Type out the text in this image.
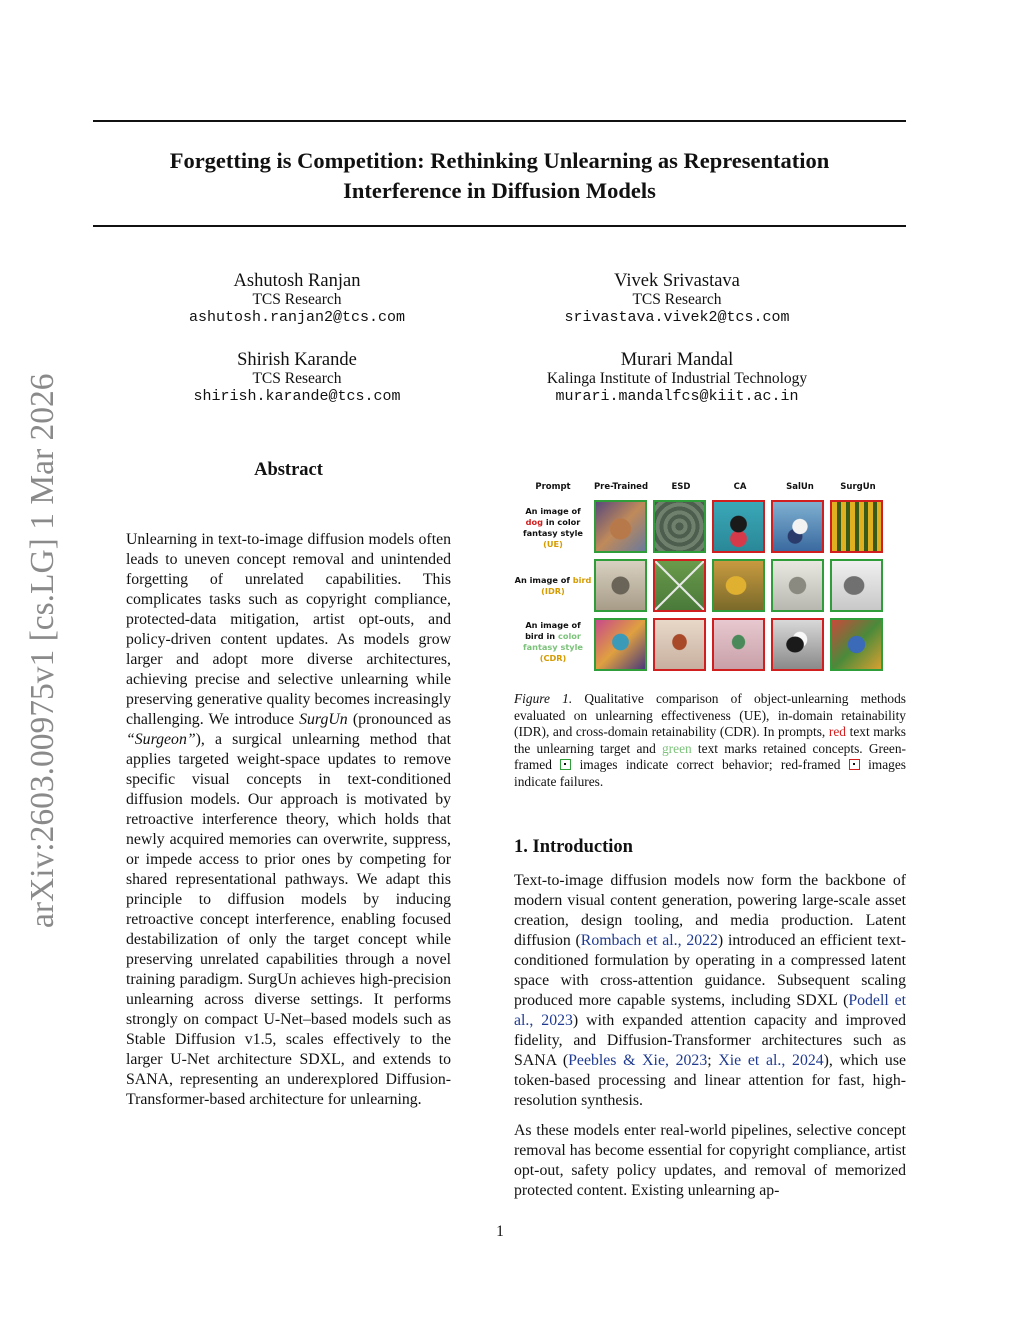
Forgetting is Competition: Rethinking Unlearning as Representation
Interference in Diffusion Models
arXiv:2603.00975v1 [cs.LG] 1 Mar 2026
Ashutosh Ranjan
TCS Research
ashutosh.ranjan2@tcs.com
Vivek Srivastava
TCS Research
srivastava.vivek2@tcs.com
Shirish Karande
TCS Research
shirish.karande@tcs.com
Murari Mandal
Kalinga Institute of Industrial Technology
murari.mandalfcs@kiit.ac.in
Abstract

Unlearning in text-to-image diffusion models often leads to uneven concept removal and unintended forgetting of unrelated capabilities. This complicates tasks such as copyright compliance, protected-data mitigation, artist opt-outs, and policy-driven content updates. As models grow larger and adopt more diverse architectures, achieving precise and selective unlearning while preserving generative quality becomes increasingly challenging. We introduce SurgUn (pronounced as “Surgeon”), a surgical unlearning method that applies targeted weight-space updates to remove specific visual concepts in text-conditioned diffusion models. Our approach is motivated by retroactive interference theory, which holds that newly acquired memories can overwrite, suppress, or impede access to prior ones by competing for shared representational pathways. We adapt this principle to diffusion models by inducing retroactive concept interference, enabling focused destabilization of only the target concept while preserving unrelated capabilities through a novel training paradigm. SurgUn achieves high-precision unlearning across diverse settings. It performs strongly on compact U-Net–based models such as Stable Diffusion v1.5, scales effectively to the larger U-Net architecture SDXL, and extends to SANA, representing an underexplored Diffusion-Transformer-based architecture for unlearning.

Prompt	Pre-Trained	ESD	CA	SalUn	SurgUn
An image of
dog in color
fantasy style
(UE)
An image of bird
(IDR)
An image of
bird in color
fantasy style
(CDR)

Figure 1. Qualitative comparison of object-unlearning methods evaluated on unlearning effectiveness (UE), in-domain retainability (IDR), and cross-domain retainability (CDR). In prompts, red text marks the unlearning target and green text marks retained concepts. Green-framed  images indicate correct behavior; red-framed  images indicate failures.

1. Introduction

Text-to-image diffusion models now form the backbone of modern visual content generation, powering large-scale asset creation, design tooling, and media production. Latent diffusion (Rombach et al., 2022) introduced an efficient text-conditioned formulation by operating in a compressed latent space with cross-attention guidance. Subsequent scaling produced more capable systems, including SDXL (Podell et al., 2023) with expanded attention capacity and improved fidelity, and Diffusion-Transformer architectures such as SANA (Peebles & Xie, 2023; Xie et al., 2024), which use token-based processing and linear attention for fast, high-resolution synthesis.

As these models enter real-world pipelines, selective concept removal has become essential for copyright compliance, artist opt-out, safety policy updates, and removal of memorized protected content. Existing unlearning ap-

1
